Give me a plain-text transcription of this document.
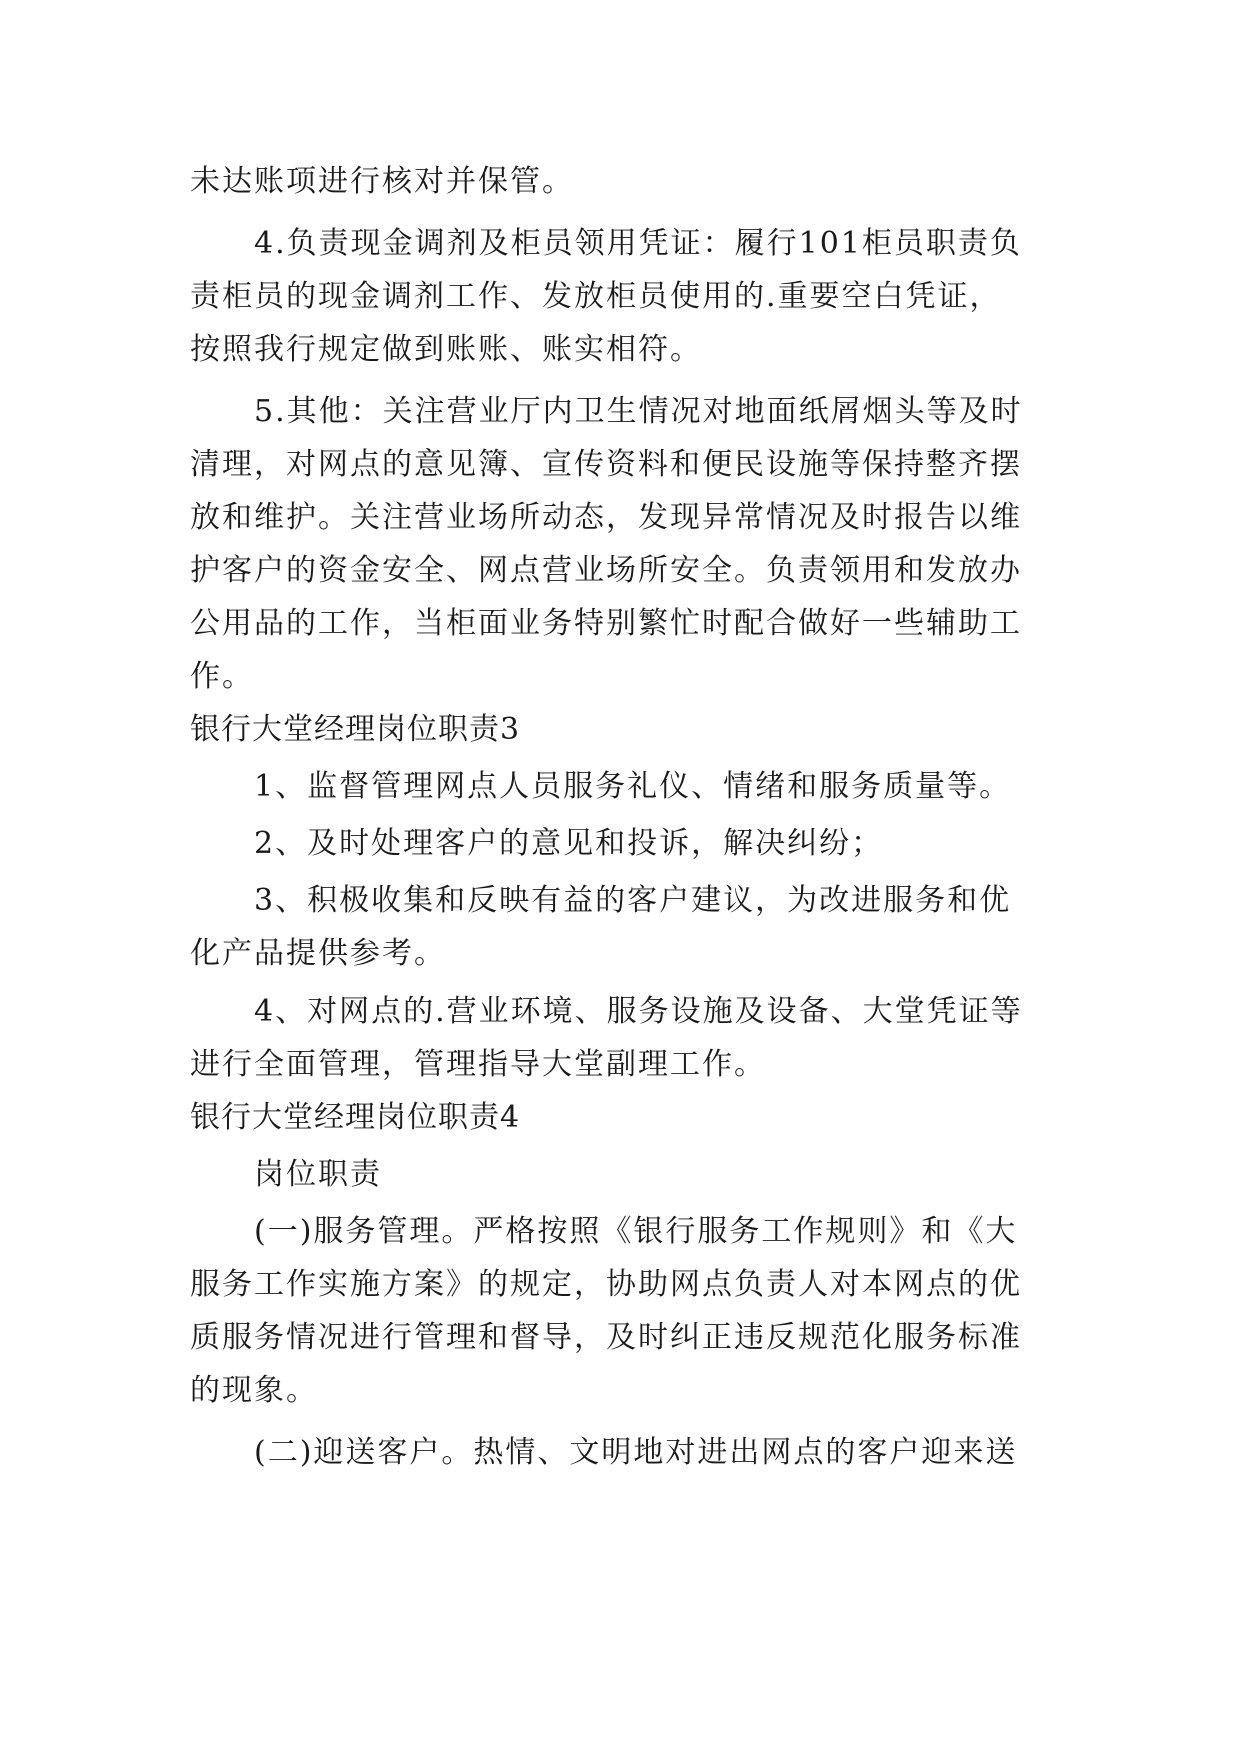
未达账项进行核对并保管。
4.负责现金调剂及柜员领用凭证：履行101柜员职责负
责柜员的现金调剂工作、发放柜员使用的.重要空白凭证，
按照我行规定做到账账、账实相符。
5.其他：关注营业厅内卫生情况对地面纸屑烟头等及时
清理，对网点的意见簿、宣传资料和便民设施等保持整齐摆
放和维护。关注营业场所动态，发现异常情况及时报告以维
护客户的资金安全、网点营业场所安全。负责领用和发放办
公用品的工作，当柜面业务特别繁忙时配合做好一些辅助工
作。
银行大堂经理岗位职责3
1、监督管理网点人员服务礼仪、情绪和服务质量等。
2、及时处理客户的意见和投诉，解决纠纷；
3、积极收集和反映有益的客户建议，为改进服务和优
化产品提供参考。
4、对网点的.营业环境、服务设施及设备、大堂凭证等
进行全面管理，管理指导大堂副理工作。
银行大堂经理岗位职责4
岗位职责
(一)服务管理。严格按照《银行服务工作规则》和《大
服务工作实施方案》的规定，协助网点负责人对本网点的优
质服务情况进行管理和督导，及时纠正违反规范化服务标准
的现象。
(二)迎送客户。热情、文明地对进出网点的客户迎来送
